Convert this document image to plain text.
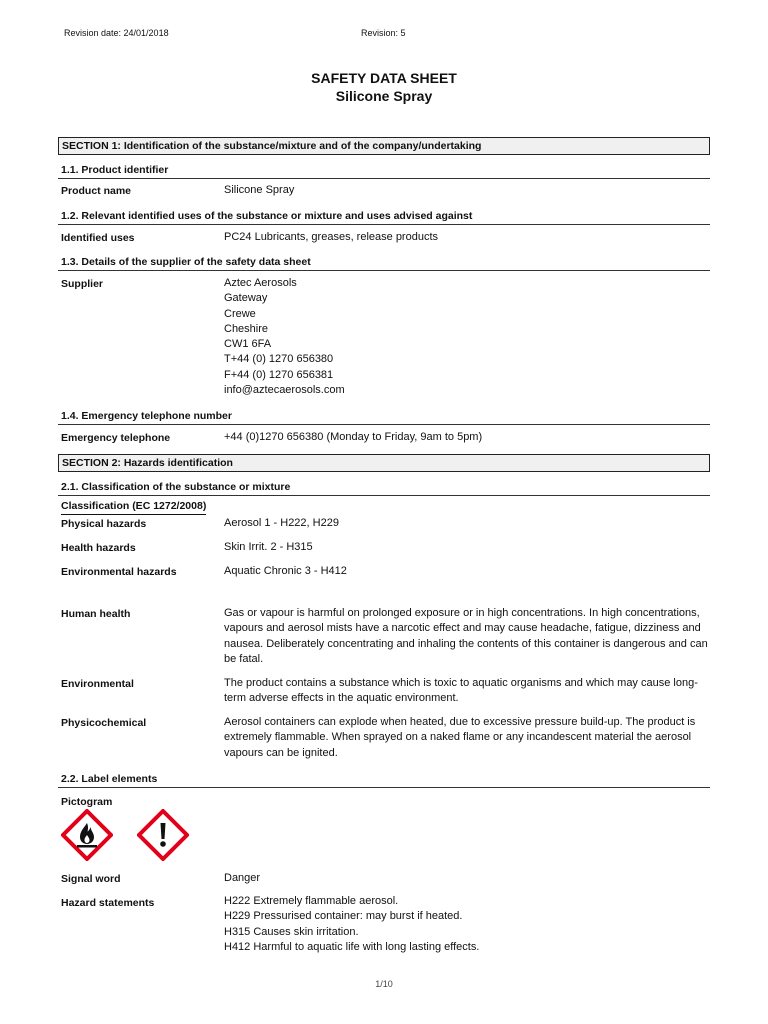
Revision date: 24/01/2018	Revision: 5
SAFETY DATA SHEET
Silicone Spray
SECTION 1: Identification of the substance/mixture and of the company/undertaking
1.1. Product identifier
Product name	Silicone Spray
1.2. Relevant identified uses of the substance or mixture and uses advised against
Identified uses	PC24 Lubricants, greases, release products
1.3. Details of the supplier of the safety data sheet
Supplier	Aztec Aerosols
Gateway
Crewe
Cheshire
CW1 6FA
T+44 (0) 1270 656380
F+44 (0) 1270 656381
info@aztecaerosols.com
1.4. Emergency telephone number
Emergency telephone	+44 (0)1270 656380 (Monday to Friday, 9am to 5pm)
SECTION 2: Hazards identification
2.1. Classification of the substance or mixture
Classification (EC 1272/2008)
Physical hazards	Aerosol 1 - H222, H229
Health hazards	Skin Irrit. 2 - H315
Environmental hazards	Aquatic Chronic 3 - H412
Human health	Gas or vapour is harmful on prolonged exposure or in high concentrations. In high concentrations, vapours and aerosol mists have a narcotic effect and may cause headache, fatigue, dizziness and nausea. Deliberately concentrating and inhaling the contents of this container is dangerous and can be fatal.
Environmental	The product contains a substance which is toxic to aquatic organisms and which may cause long-term adverse effects in the aquatic environment.
Physicochemical	Aerosol containers can explode when heated, due to excessive pressure build-up. The product is extremely flammable. When sprayed on a naked flame or any incandescent material the aerosol vapours can be ignited.
2.2. Label elements
Pictogram
Signal word	Danger
Hazard statements	H222 Extremely flammable aerosol.
H229 Pressurised container: may burst if heated.
H315 Causes skin irritation.
H412 Harmful to aquatic life with long lasting effects.
1/10
